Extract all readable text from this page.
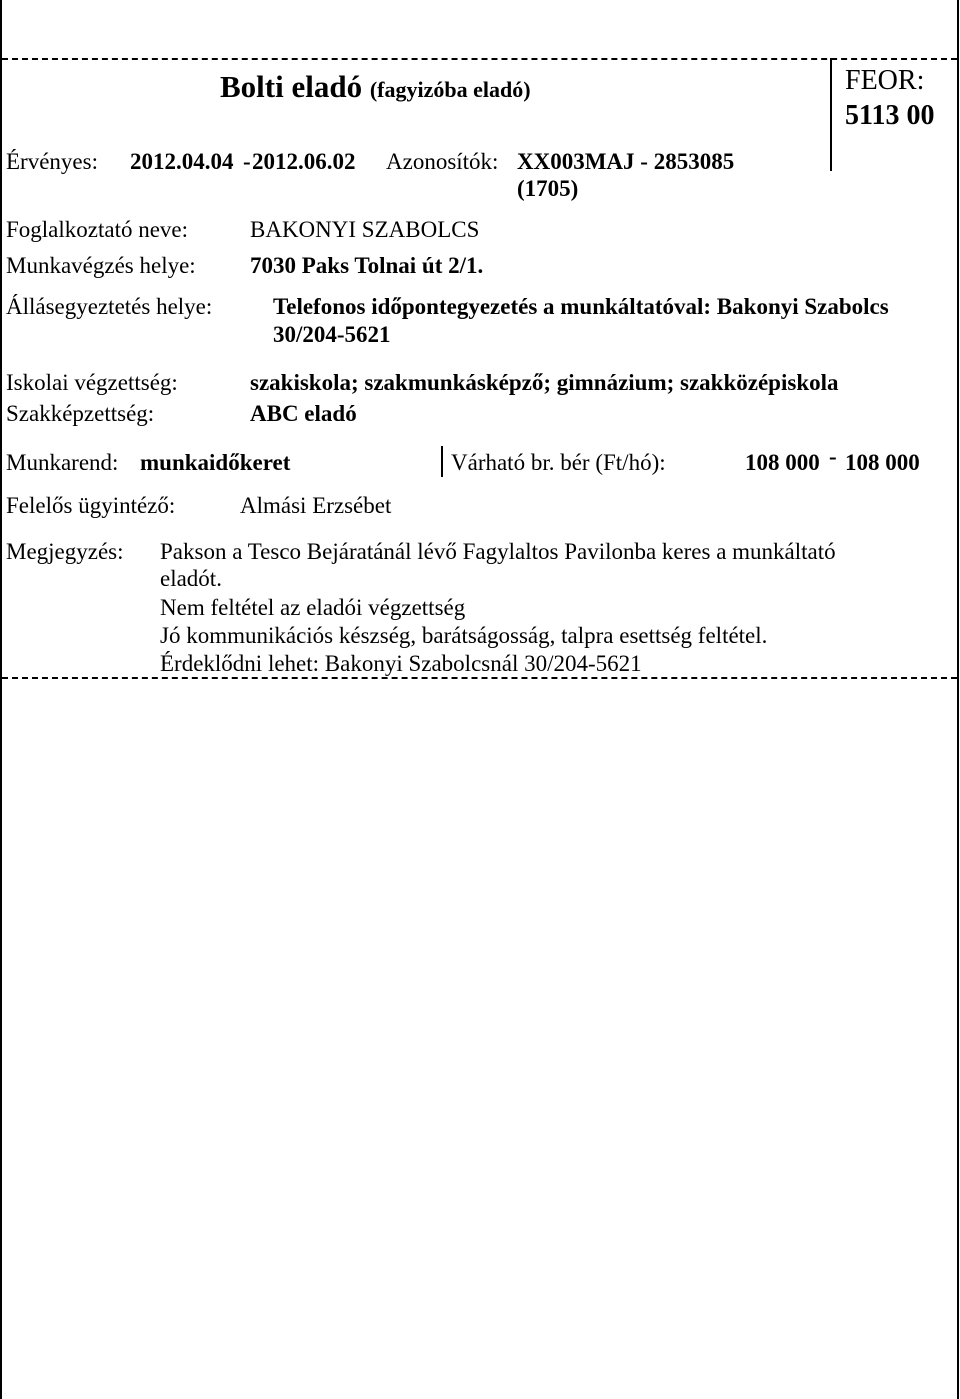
Bolti eladó (fagyizóba eladó)	FEOR:
5113 00
Érvényes: 2012.04.04 - 2012.06.02 Azonosítók: XX003MAJ - 2853085
(1705)
Foglalkoztató neve:	BAKONYI SZABOLCS
Munkavégzés helye: 7030 Paks Tolnai út 2/1.
Állásegyeztetés helye:	Telefonos időpontegyezetés a munkáltatóval: Bakonyi Szabolcs
30/204-5621
Iskolai végzettség:	szakiskola; szakmunkásképző; gimnázium; szakközépiskola
Szakképzettség:	ABC eladó
Munkarend: munkaidőkeret	Várható br. bér (Ft/hó):	108 000 - 108 000
Felelős ügyintéző:	Almási Erzsébet
Megjegyzés: Pakson a Tesco Bejáratánál lévő Fagylaltos Pavilonba keres a munkáltató
eladót.
Nem feltétel az eladói végzettség
Jó kommunikációs készség, barátságosság, talpra esettség feltétel.
Érdeklődni lehet: Bakonyi Szabolcsnál 30/204-5621
